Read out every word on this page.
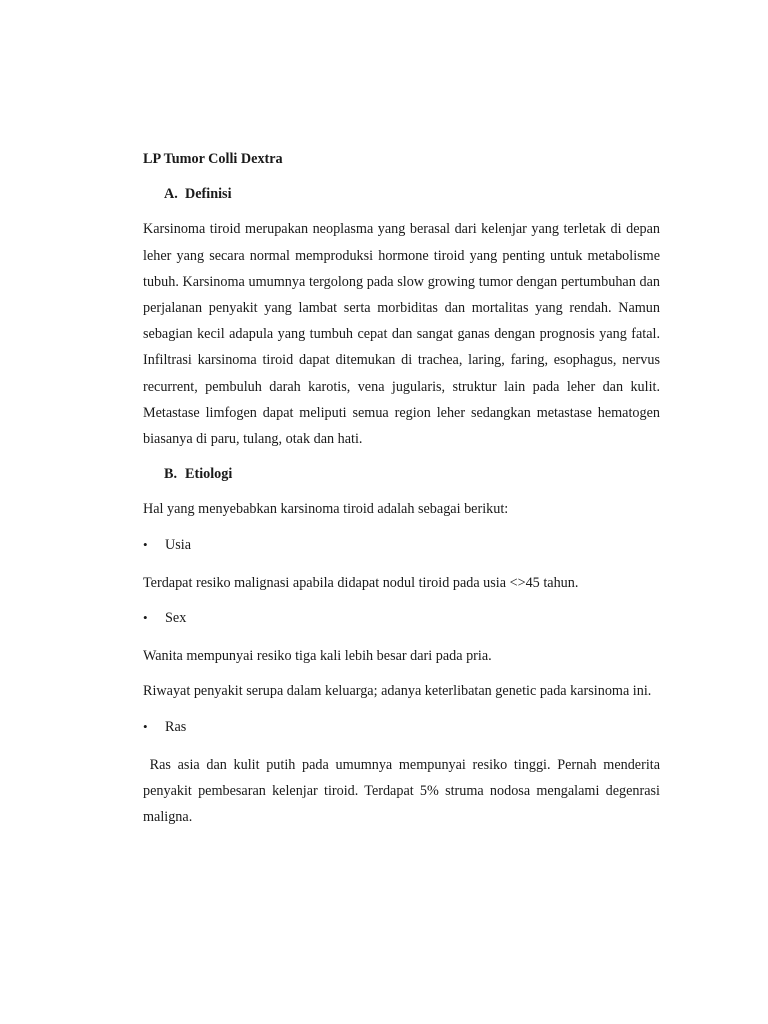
LP Tumor Colli Dextra
A. Definisi

Karsinoma tiroid merupakan neoplasma yang berasal dari kelenjar yang terletak di depan leher yang secara normal memproduksi hormone tiroid yang penting untuk metabolisme tubuh. Karsinoma umumnya tergolong pada slow growing tumor dengan pertumbuhan dan perjalanan penyakit yang lambat serta morbiditas dan mortalitas yang rendah. Namun sebagian kecil adapula yang tumbuh cepat dan sangat ganas dengan prognosis yang fatal. Infiltrasi karsinoma tiroid dapat ditemukan di trachea, laring, faring, esophagus, nervus recurrent, pembuluh darah karotis, vena jugularis, struktur lain pada leher dan kulit. Metastase limfogen dapat meliputi semua region leher sedangkan metastase hematogen biasanya di paru, tulang, otak dan hati.

B. Etiologi

Hal yang menyebabkan karsinoma tiroid adalah sebagai berikut:

•	Usia

Terdapat resiko malignasi apabila didapat nodul tiroid pada usia <>45 tahun.

•	Sex

Wanita mempunyai resiko tiga kali lebih besar dari pada pria.

Riwayat penyakit serupa dalam keluarga; adanya keterlibatan genetic pada karsinoma ini.

•	Ras

Ras asia dan kulit putih pada umumnya mempunyai resiko tinggi. Pernah menderita penyakit pembesaran kelenjar tiroid. Terdapat 5% struma nodosa mengalami degenrasi maligna.
